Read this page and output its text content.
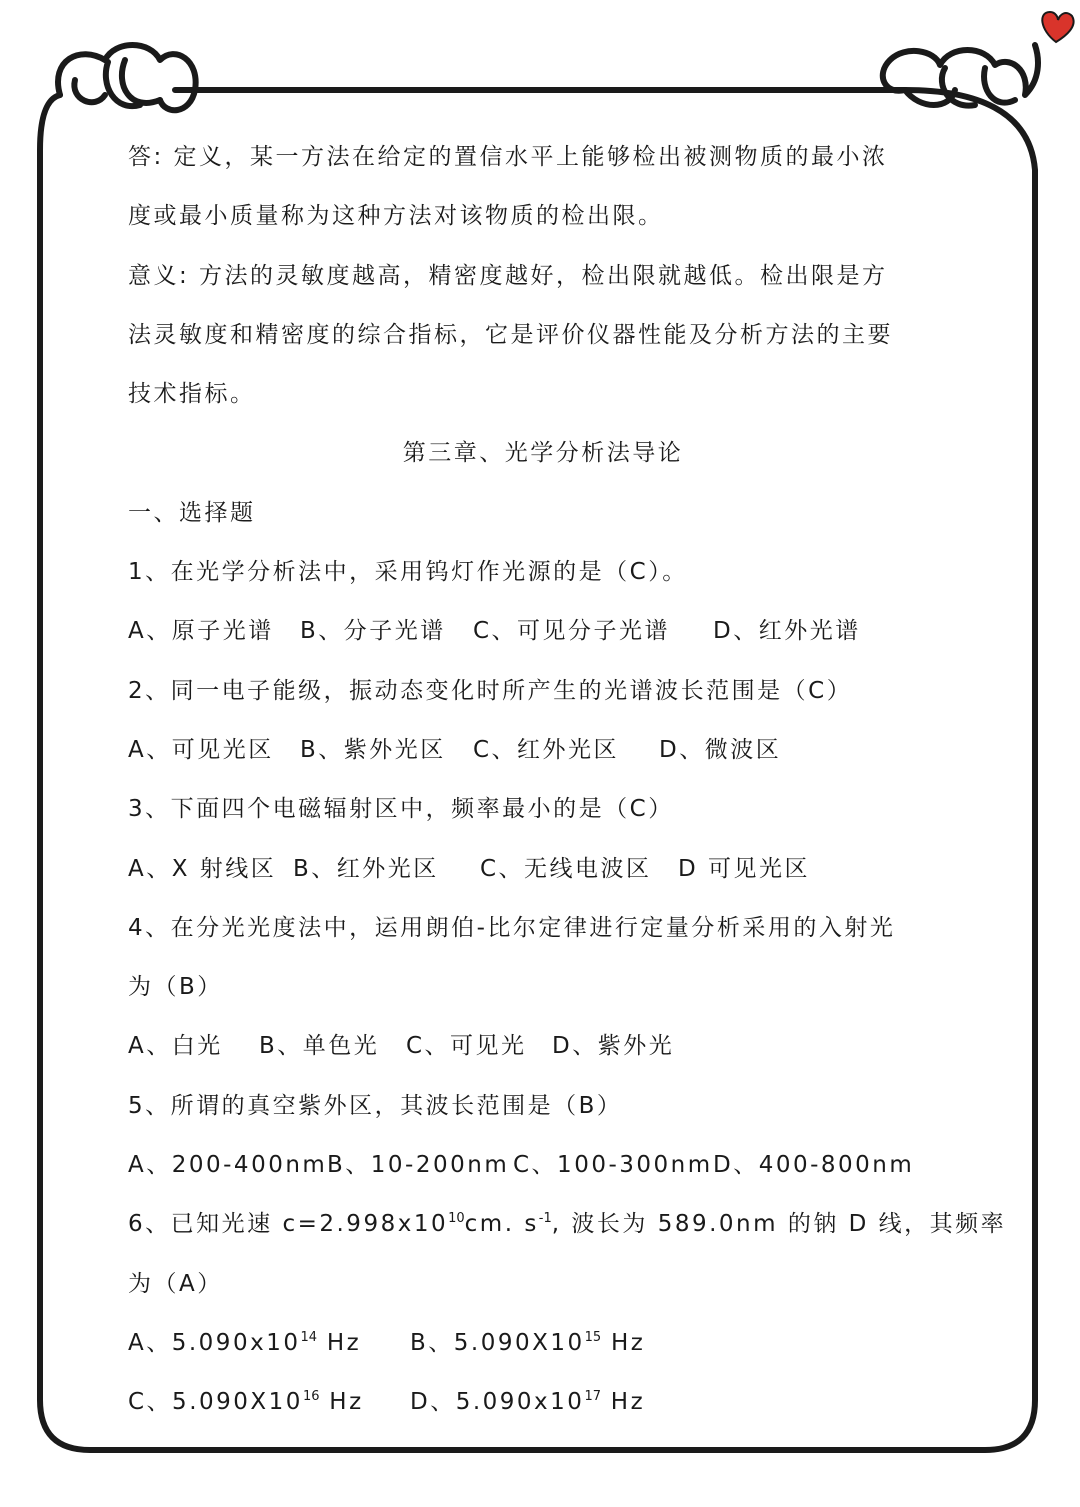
答: 定义，某一方法在给定的置信水平上能够检出被测物质的最小浓
度或最小质量称为这种方法对该物质的检出限。
意义: 方法的灵敏度越高，精密度越好，检出限就越低。检出限是方
法灵敏度和精密度的综合指标，它是评价仪器性能及分析方法的主要
技术指标。
第三章、光学分析法导论
一、选择题
1、在光学分析法中，采用钨灯作光源的是（C）。
A、原子光谱 B、分子光谱 C、可见分子光谱 D、红外光谱
2、同一电子能级，振动态变化时所产生的光谱波长范围是（C）
A、可见光区 B、紫外光区 C、红外光区 D、微波区
3、下面四个电磁辐射区中，频率最小的是（C）
A、X 射线区 B、红外光区 C、无线电波区 D 可见光区
4、在分光光度法中，运用朗伯-比尔定律进行定量分析采用的入射光
为（B）
A、白光 B、单色光 C、可见光 D、紫外光
5、所谓的真空紫外区，其波长范围是（B）
A、200-400nmB、10-200nm C、100-300nmD、400-800nm
6、已知光速 $c=2.998x10^{10}cm$. $s^{-1}$, 波长为 589.0nm 的钠 D 线，其频率
为（A）
A、$5.090x10^{14}$ Hz B、$5.090X10^{15}$ Hz
C、$5.090X10^{16}$ Hz D、$5.090x10^{17}$ Hz
